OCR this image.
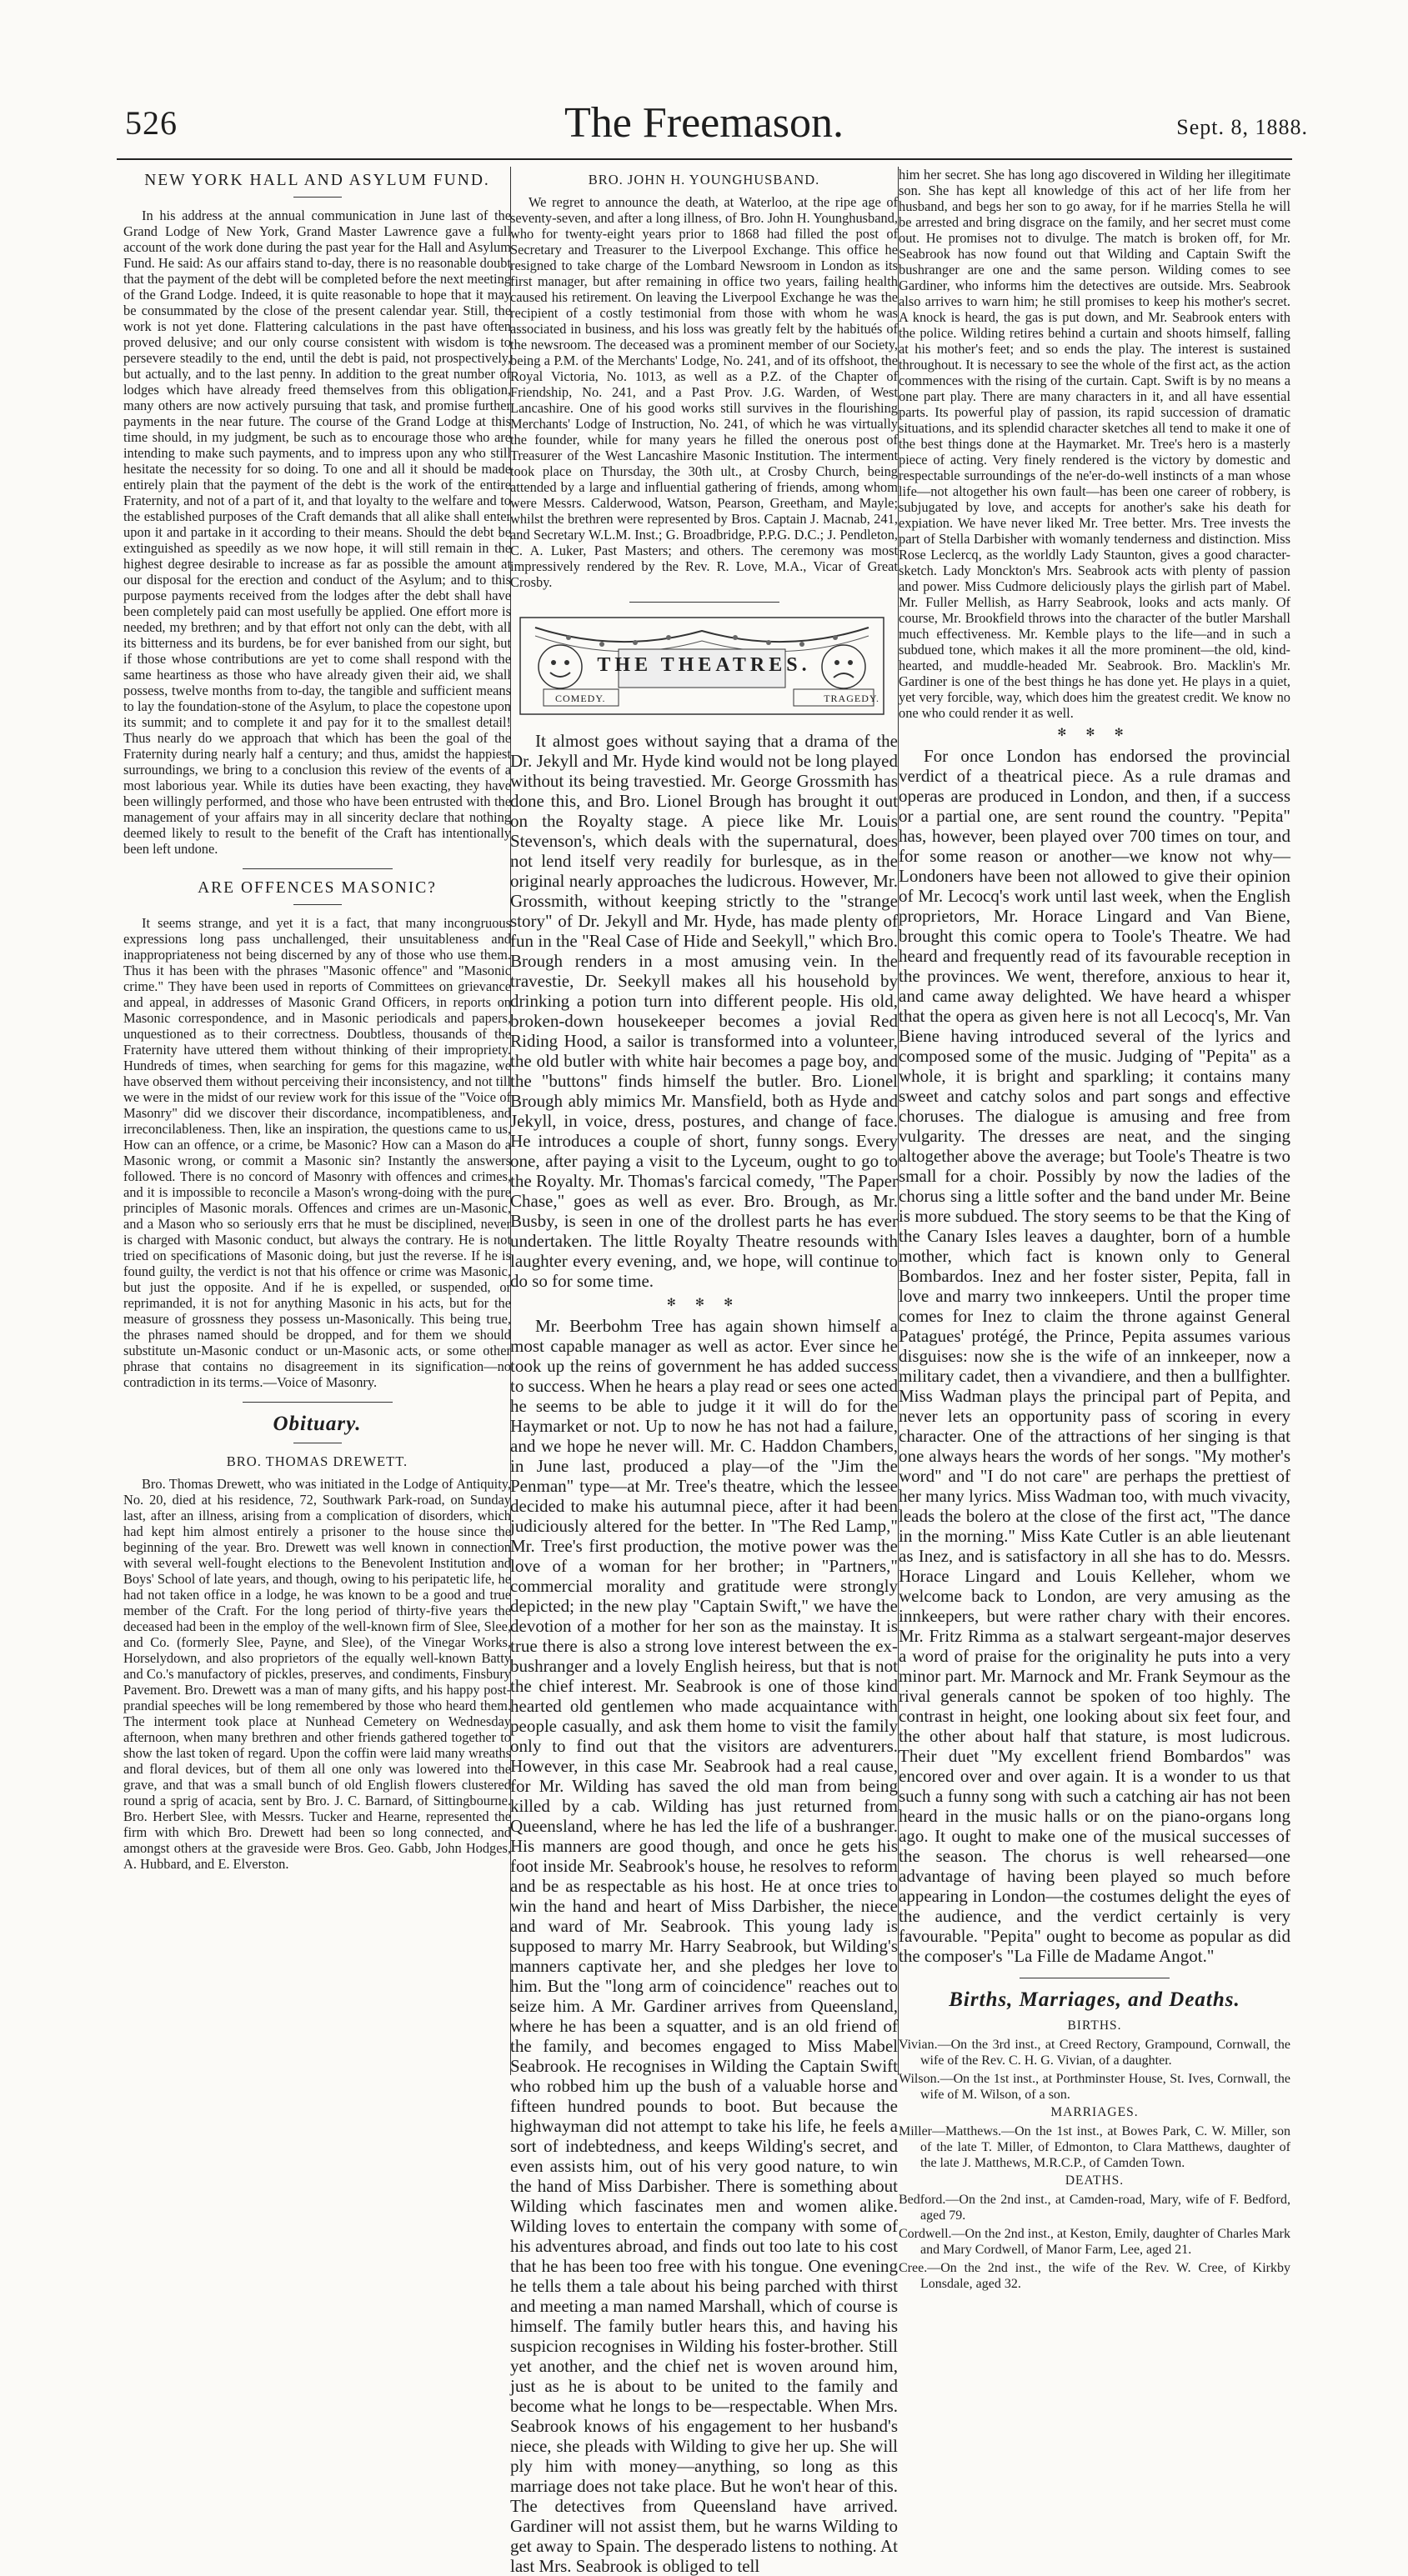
526	The Freemason.	Sept. 8, 1888.
NEW YORK HALL AND ASYLUM FUND.

In his address at the annual communication in June last of the Grand Lodge of New York, Grand Master Lawrence gave a full account of the work done during the past year for the Hall and Asylum Fund. He said: As our affairs stand to-day, there is no reasonable doubt that the payment of the debt will be completed before the next meeting of the Grand Lodge. Indeed, it is quite reasonable to hope that it may be consummated by the close of the present calendar year. Still, the work is not yet done. Flattering calculations in the past have often proved delusive; and our only course consistent with wisdom is to persevere steadily to the end, until the debt is paid, not prospectively, but actually, and to the last penny. In addition to the great number of lodges which have already freed themselves from this obligation, many others are now actively pursuing that task, and promise further payments in the near future. The course of the Grand Lodge at this time should, in my judgment, be such as to encourage those who are intending to make such payments, and to impress upon any who still hesitate the necessity for so doing. To one and all it should be made entirely plain that the payment of the debt is the work of the entire Fraternity, and not of a part of it, and that loyalty to the welfare and to the established purposes of the Craft demands that all alike shall enter upon it and partake in it according to their means. Should the debt be extinguished as speedily as we now hope, it will still remain in the highest degree desirable to increase as far as possible the amount at our disposal for the erection and conduct of the Asylum; and to this purpose payments received from the lodges after the debt shall have been completely paid can most usefully be applied. One effort more is needed, my brethren; and by that effort not only can the debt, with all its bitterness and its burdens, be for ever banished from our sight, but if those whose contributions are yet to come shall respond with the same heartiness as those who have already given their aid, we shall possess, twelve months from to-day, the tangible and sufficient means to lay the foundation-stone of the Asylum, to place the copestone upon its summit; and to complete it and pay for it to the smallest detail! Thus nearly do we approach that which has been the goal of the Fraternity during nearly half a century; and thus, amidst the happiest surroundings, we bring to a conclusion this review of the events of a most laborious year. While its duties have been exacting, they have been willingly performed, and those who have been entrusted with the management of your affairs may in all sincerity declare that nothing deemed likely to result to the benefit of the Craft has intentionally been left undone.

ARE OFFENCES MASONIC?

It seems strange, and yet it is a fact, that many incongruous expressions long pass unchallenged, their unsuitableness and inappropriateness not being discerned by any of those who use them. Thus it has been with the phrases "Masonic offence" and "Masonic crime." They have been used in reports of Committees on grievance and appeal, in addresses of Masonic Grand Officers, in reports on Masonic correspondence, and in Masonic periodicals and papers, unquestioned as to their correctness. Doubtless, thousands of the Fraternity have uttered them without thinking of their impropriety. Hundreds of times, when searching for gems for this magazine, we have observed them without perceiving their inconsistency, and not till we were in the midst of our review work for this issue of the "Voice of Masonry" did we discover their discordance, incompatibleness, and irreconcilableness. Then, like an inspiration, the questions came to us, How can an offence, or a crime, be Masonic? How can a Mason do a Masonic wrong, or commit a Masonic sin? Instantly the answers followed. There is no concord of Masonry with offences and crimes, and it is impossible to reconcile a Mason's wrong-doing with the pure principles of Masonic morals. Offences and crimes are un-Masonic, and a Mason who so seriously errs that he must be disciplined, never is charged with Masonic conduct, but always the contrary. He is not tried on specifications of Masonic doing, but just the reverse. If he is found guilty, the verdict is not that his offence or crime was Masonic, but just the opposite. And if he is expelled, or suspended, or reprimanded, it is not for anything Masonic in his acts, but for the measure of grossness they possess un-Masonically. This being true, the phrases named should be dropped, and for them we should substitute un-Masonic conduct or un-Masonic acts, or some other phrase that contains no disagreement in its signification—no contradiction in its terms.—Voice of Masonry.

Obituary.
BRO. THOMAS DREWETT.

Bro. Thomas Drewett, who was initiated in the Lodge of Antiquity, No. 20, died at his residence, 72, Southwark Park-road, on Sunday last, after an illness, arising from a complication of disorders, which had kept him almost entirely a prisoner to the house since the beginning of the year. Bro. Drewett was well known in connection with several well-fought elections to the Benevolent Institution and Boys' School of late years, and though, owing to his peripatetic life, he had not taken office in a lodge, he was known to be a good and true member of the Craft. For the long period of thirty-five years the deceased had been in the employ of the well-known firm of Slee, Slee, and Co. (formerly Slee, Payne, and Slee), of the Vinegar Works, Horselydown, and also proprietors of the equally well-known Batty and Co.'s manufactory of pickles, preserves, and condiments, Finsbury Pavement. Bro. Drewett was a man of many gifts, and his happy post-prandial speeches will be long remembered by those who heard them. The interment took place at Nunhead Cemetery on Wednesday afternoon, when many brethren and other friends gathered together to show the last token of regard. Upon the coffin were laid many wreaths and floral devices, but of them all one only was lowered into the grave, and that was a small bunch of old English flowers clustered round a sprig of acacia, sent by Bro. J. C. Barnard, of Sittingbourne. Bro. Herbert Slee, with Messrs. Tucker and Hearne, represented the firm with which Bro. Drewett had been so long connected, and amongst others at the graveside were Bros. Geo. Gabb, John Hodges, A. Hubbard, and E. Elverston.

BRO. JOHN H. YOUNGHUSBAND.

We regret to announce the death, at Waterloo, at the ripe age of seventy-seven, and after a long illness, of Bro. John H. Younghusband, who for twenty-eight years prior to 1868 had filled the post of Secretary and Treasurer to the Liverpool Exchange. This office he resigned to take charge of the Lombard Newsroom in London as its first manager, but after remaining in office two years, failing health caused his retirement. On leaving the Liverpool Exchange he was the recipient of a costly testimonial from those with whom he was associated in business, and his loss was greatly felt by the habitués of the newsroom. The deceased was a prominent member of our Society, being a P.M. of the Merchants' Lodge, No. 241, and of its offshoot, the Royal Victoria, No. 1013, as well as a P.Z. of the Chapter of Friendship, No. 241, and a Past Prov. J.G. Warden, of West Lancashire. One of his good works still survives in the flourishing Merchants' Lodge of Instruction, No. 241, of which he was virtually the founder, while for many years he filled the onerous post of Treasurer of the West Lancashire Masonic Institution. The interment took place on Thursday, the 30th ult., at Crosby Church, being attended by a large and influential gathering of friends, among whom were Messrs. Calderwood, Watson, Pearson, Greetham, and Mayle; whilst the brethren were represented by Bros. Captain J. Macnab, 241, and Secretary W.L.M. Inst.; G. Broadbridge, P.P.G. D.C.; J. Pendleton, C. A. Luker, Past Masters; and others. The ceremony was most impressively rendered by the Rev. R. Love, M.A., Vicar of Great Crosby.

THE THEATRES.
COMEDY.	TRAGEDY.

It almost goes without saying that a drama of the Dr. Jekyll and Mr. Hyde kind would not be long played without its being travestied. Mr. George Grossmith has done this, and Bro. Lionel Brough has brought it out on the Royalty stage. A piece like Mr. Louis Stevenson's, which deals with the supernatural, does not lend itself very readily for burlesque, as in the original nearly approaches the ludicrous. However, Mr. Grossmith, without keeping strictly to the "strange story" of Dr. Jekyll and Mr. Hyde, has made plenty of fun in the "Real Case of Hide and Seekyll," which Bro. Brough renders in a most amusing vein. In the travestie, Dr. Seekyll makes all his household by drinking a potion turn into different people. His old, broken-down housekeeper becomes a jovial Red Riding Hood, a sailor is transformed into a volunteer, the old butler with white hair becomes a page boy, and the "buttons" finds himself the butler. Bro. Lionel Brough ably mimics Mr. Mansfield, both as Hyde and Jekyll, in voice, dress, postures, and change of face. He introduces a couple of short, funny songs. Every one, after paying a visit to the Lyceum, ought to go to the Royalty. Mr. Thomas's farcical comedy, "The Paper Chase," goes as well as ever. Bro. Brough, as Mr. Busby, is seen in one of the drollest parts he has ever undertaken. The little Royalty Theatre resounds with laughter every evening, and, we hope, will continue to do so for some time.

✻ ✻ ✻

Mr. Beerbohm Tree has again shown himself a most capable manager as well as actor. Ever since he took up the reins of government he has added success to success. When he hears a play read or sees one acted he seems to be able to judge it it will do for the Haymarket or not. Up to now he has not had a failure, and we hope he never will. Mr. C. Haddon Chambers, in June last, produced a play—of the "Jim the Penman" type—at Mr. Tree's theatre, which the lessee decided to make his autumnal piece, after it had been judiciously altered for the better. In "The Red Lamp," Mr. Tree's first production, the motive power was the love of a woman for her brother; in "Partners," commercial morality and gratitude were strongly depicted; in the new play "Captain Swift," we have the devotion of a mother for her son as the mainstay. It is true there is also a strong love interest between the ex-bushranger and a lovely English heiress, but that is not the chief interest. Mr. Seabrook is one of those kind hearted old gentlemen who made acquaintance with people casually, and ask them home to visit the family only to find out that the visitors are adventurers. However, in this case Mr. Seabrook had a real cause, for Mr. Wilding has saved the old man from being killed by a cab. Wilding has just returned from Queensland, where he has led the life of a bushranger. His manners are good though, and once he gets his foot inside Mr. Seabrook's house, he resolves to reform and be as respectable as his host. He at once tries to win the hand and heart of Miss Darbisher, the niece and ward of Mr. Seabrook. This young lady is supposed to marry Mr. Harry Seabrook, but Wilding's manners captivate her, and she pledges her love to him. But the "long arm of coincidence" reaches out to seize him. A Mr. Gardiner arrives from Queensland, where he has been a squatter, and is an old friend of the family, and becomes engaged to Miss Mabel Seabrook. He recognises in Wilding the Captain Swift who robbed him up the bush of a valuable horse and fifteen hundred pounds to boot. But because the highwayman did not attempt to take his life, he feels a sort of indebtedness, and keeps Wilding's secret, and even assists him, out of his very good nature, to win the hand of Miss Darbisher. There is something about Wilding which fascinates men and women alike. Wilding loves to entertain the company with some of his adventures abroad, and finds out too late to his cost that he has been too free with his tongue. One evening he tells them a tale about his being parched with thirst and meeting a man named Marshall, which of course is himself. The family butler hears this, and having his suspicion recognises in Wilding his foster-brother. Still yet another, and the chief net is woven around him, just as he is about to be united to the family and become what he longs to be—respectable. When Mrs. Seabrook knows of his engagement to her husband's niece, she pleads with Wilding to give her up. She will ply him with money—anything, so long as this marriage does not take place. But he won't hear of this. The detectives from Queensland have arrived. Gardiner will not assist them, but he warns Wilding to get away to Spain. The desperado listens to nothing. At last Mrs. Seabrook is obliged to tell

him her secret. She has long ago discovered in Wilding her illegitimate son. She has kept all knowledge of this act of her life from her husband, and begs her son to go away, for if he marries Stella he will be arrested and bring disgrace on the family, and her secret must come out. He promises not to divulge. The match is broken off, for Mr. Seabrook has now found out that Wilding and Captain Swift the bushranger are one and the same person. Wilding comes to see Gardiner, who informs him the detectives are outside. Mrs. Seabrook also arrives to warn him; he still promises to keep his mother's secret. A knock is heard, the gas is put down, and Mr. Seabrook enters with the police. Wilding retires behind a curtain and shoots himself, falling at his mother's feet; and so ends the play. The interest is sustained throughout. It is necessary to see the whole of the first act, as the action commences with the rising of the curtain. Capt. Swift is by no means a one part play. There are many characters in it, and all have essential parts. Its powerful play of passion, its rapid succession of dramatic situations, and its splendid character sketches all tend to make it one of the best things done at the Haymarket. Mr. Tree's hero is a masterly piece of acting. Very finely rendered is the victory by domestic and respectable surroundings of the ne'er-do-well instincts of a man whose life—not altogether his own fault—has been one career of robbery, is subjugated by love, and accepts for another's sake his death for expiation. We have never liked Mr. Tree better. Mrs. Tree invests the part of Stella Darbisher with womanly tenderness and distinction. Miss Rose Leclercq, as the worldly Lady Staunton, gives a good character-sketch. Lady Monckton's Mrs. Seabrook acts with plenty of passion and power. Miss Cudmore deliciously plays the girlish part of Mabel. Mr. Fuller Mellish, as Harry Seabrook, looks and acts manly. Of course, Mr. Brookfield throws into the character of the butler Marshall much effectiveness. Mr. Kemble plays to the life—and in such a subdued tone, which makes it all the more prominent—the old, kind-hearted, and muddle-headed Mr. Seabrook. Bro. Macklin's Mr. Gardiner is one of the best things he has done yet. He plays in a quiet, yet very forcible, way, which does him the greatest credit. We know no one who could render it as well.

✻ ✻ ✻

For once London has endorsed the provincial verdict of a theatrical piece. As a rule dramas and operas are produced in London, and then, if a success or a partial one, are sent round the country. "Pepita" has, however, been played over 700 times on tour, and for some reason or another—we know not why—Londoners have been not allowed to give their opinion of Mr. Lecocq's work until last week, when the English proprietors, Mr. Horace Lingard and Van Biene, brought this comic opera to Toole's Theatre. We had heard and frequently read of its favourable reception in the provinces. We went, therefore, anxious to hear it, and came away delighted. We have heard a whisper that the opera as given here is not all Lecocq's, Mr. Van Biene having introduced several of the lyrics and composed some of the music. Judging of "Pepita" as a whole, it is bright and sparkling; it contains many sweet and catchy solos and part songs and effective choruses. The dialogue is amusing and free from vulgarity. The dresses are neat, and the singing altogether above the average; but Toole's Theatre is two small for a choir. Possibly by now the ladies of the chorus sing a little softer and the band under Mr. Beine is more subdued. The story seems to be that the King of the Canary Isles leaves a daughter, born of a humble mother, which fact is known only to General Bombardos. Inez and her foster sister, Pepita, fall in love and marry two innkeepers. Until the proper time comes for Inez to claim the throne against General Patagues' protégé, the Prince, Pepita assumes various disguises: now she is the wife of an innkeeper, now a military cadet, then a vivandiere, and then a bullfighter. Miss Wadman plays the principal part of Pepita, and never lets an opportunity pass of scoring in every character. One of the attractions of her singing is that one always hears the words of her songs. "My mother's word" and "I do not care" are perhaps the prettiest of her many lyrics. Miss Wadman too, with much vivacity, leads the bolero at the close of the first act, "The dance in the morning." Miss Kate Cutler is an able lieutenant as Inez, and is satisfactory in all she has to do. Messrs. Horace Lingard and Louis Kelleher, whom we welcome back to London, are very amusing as the innkeepers, but were rather chary with their encores. Mr. Fritz Rimma as a stalwart sergeant-major deserves a word of praise for the originality he puts into a very minor part. Mr. Marnock and Mr. Frank Seymour as the rival generals cannot be spoken of too highly. The contrast in height, one looking about six feet four, and the other about half that stature, is most ludicrous. Their duet "My excellent friend Bombardos" was encored over and over again. It is a wonder to us that such a funny song with such a catching air has not been heard in the music halls or on the piano-organs long ago. It ought to make one of the musical successes of the season. The chorus is well rehearsed—one advantage of having been played so much before appearing in London—the costumes delight the eyes of the audience, and the verdict certainly is very favourable. "Pepita" ought to become as popular as did the composer's "La Fille de Madame Angot."

Births, Marriages, and Deaths.
BIRTHS.
Vivian.—On the 3rd inst., at Creed Rectory, Grampound, Cornwall, the wife of the Rev. C. H. G. Vivian, of a daughter.
Wilson.—On the 1st inst., at Porthminster House, St. Ives, Cornwall, the wife of M. Wilson, of a son.
MARRIAGES.
Miller—Matthews.—On the 1st inst., at Bowes Park, C. W. Miller, son of the late T. Miller, of Edmonton, to Clara Matthews, daughter of the late J. Matthews, M.R.C.P., of Camden Town.
DEATHS.
Bedford.—On the 2nd inst., at Camden-road, Mary, wife of F. Bedford, aged 79.
Cordwell.—On the 2nd inst., at Keston, Emily, daughter of Charles Mark and Mary Cordwell, of Manor Farm, Lee, aged 21.
Cree.—On the 2nd inst., the wife of the Rev. W. Cree, of Kirkby Lonsdale, aged 32.
